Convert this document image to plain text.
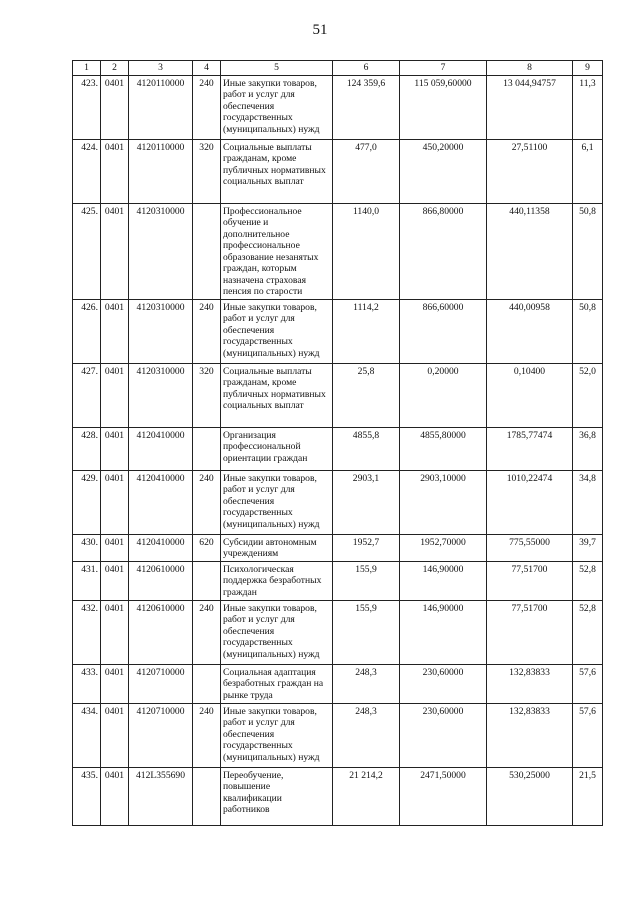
51
1	2	3	4	5	6	7	8	9
423.	0401	4120110000	240	Иные закупки товаров, работ и услуг для обеспечения государственных (муниципальных) нужд	124 359,6	115 059,60000	13 044,94757	11,3
424.	0401	4120110000	320	Социальные выплаты гражданам, кроме публичных нормативных социальных выплат	477,0	450,20000	27,51100	6,1
425.	0401	4120310000		Профессиональное обучение и дополнительное профессиональное образование незанятых граждан, которым назначена страховая пенсия по старости	1140,0	866,80000	440,11358	50,8
426.	0401	4120310000	240	Иные закупки товаров, работ и услуг для обеспечения государственных (муниципальных) нужд	1114,2	866,60000	440,00958	50,8
427.	0401	4120310000	320	Социальные выплаты гражданам, кроме публичных нормативных социальных выплат	25,8	0,20000	0,10400	52,0
428.	0401	4120410000		Организация профессиональной ориентации граждан	4855,8	4855,80000	1785,77474	36,8
429.	0401	4120410000	240	Иные закупки товаров, работ и услуг для обеспечения государственных (муниципальных) нужд	2903,1	2903,10000	1010,22474	34,8
430.	0401	4120410000	620	Субсидии автономным учреждениям	1952,7	1952,70000	775,55000	39,7
431.	0401	4120610000		Психологическая поддержка безработных граждан	155,9	146,90000	77,51700	52,8
432.	0401	4120610000	240	Иные закупки товаров, работ и услуг для обеспечения государственных (муниципальных) нужд	155,9	146,90000	77,51700	52,8
433.	0401	4120710000		Социальная адаптация безработных граждан на рынке труда	248,3	230,60000	132,83833	57,6
434.	0401	4120710000	240	Иные закупки товаров, работ и услуг для обеспечения государственных (муниципальных) нужд	248,3	230,60000	132,83833	57,6
435.	0401	412L355690		Переобучение, повышение квалификации работников	21 214,2	2471,50000	530,25000	21,5
